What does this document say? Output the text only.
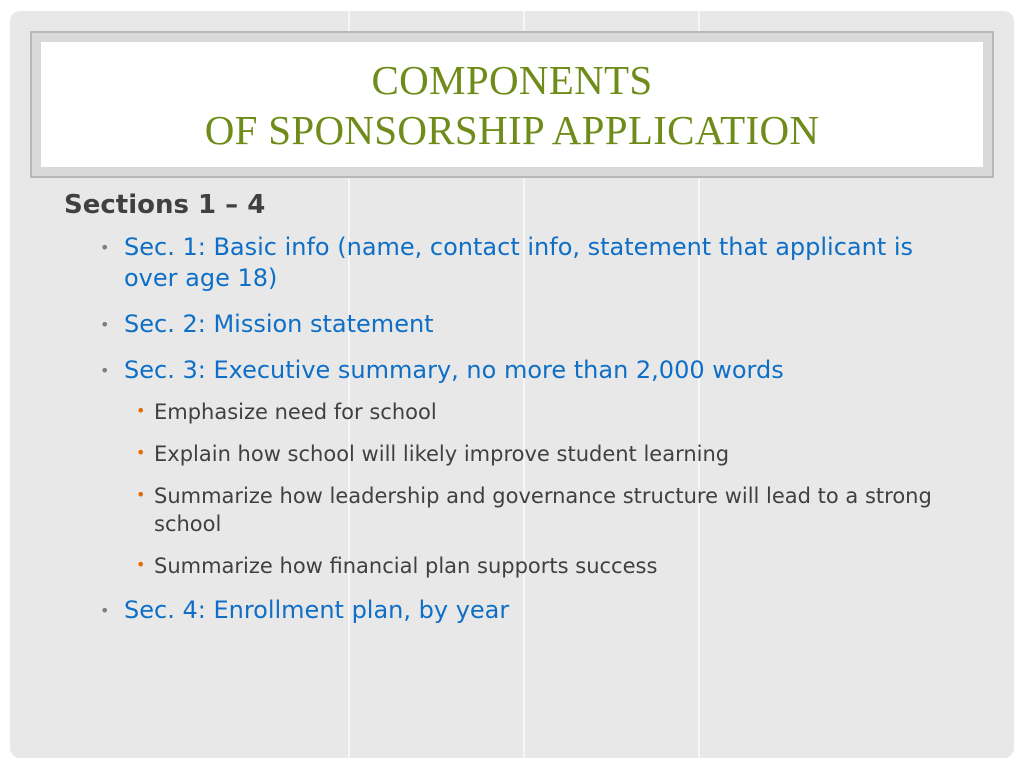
COMPONENTS
OF SPONSORSHIP APPLICATION
Sections 1 – 4
• Sec. 1: Basic info (name, contact info, statement that applicant is over age 18)
• Sec. 2: Mission statement
• Sec. 3: Executive summary, no more than 2,000 words
• Emphasize need for school
• Explain how school will likely improve student learning
• Summarize how leadership and governance structure will lead to a strong school
• Summarize how financial plan supports success
• Sec. 4: Enrollment plan, by year
